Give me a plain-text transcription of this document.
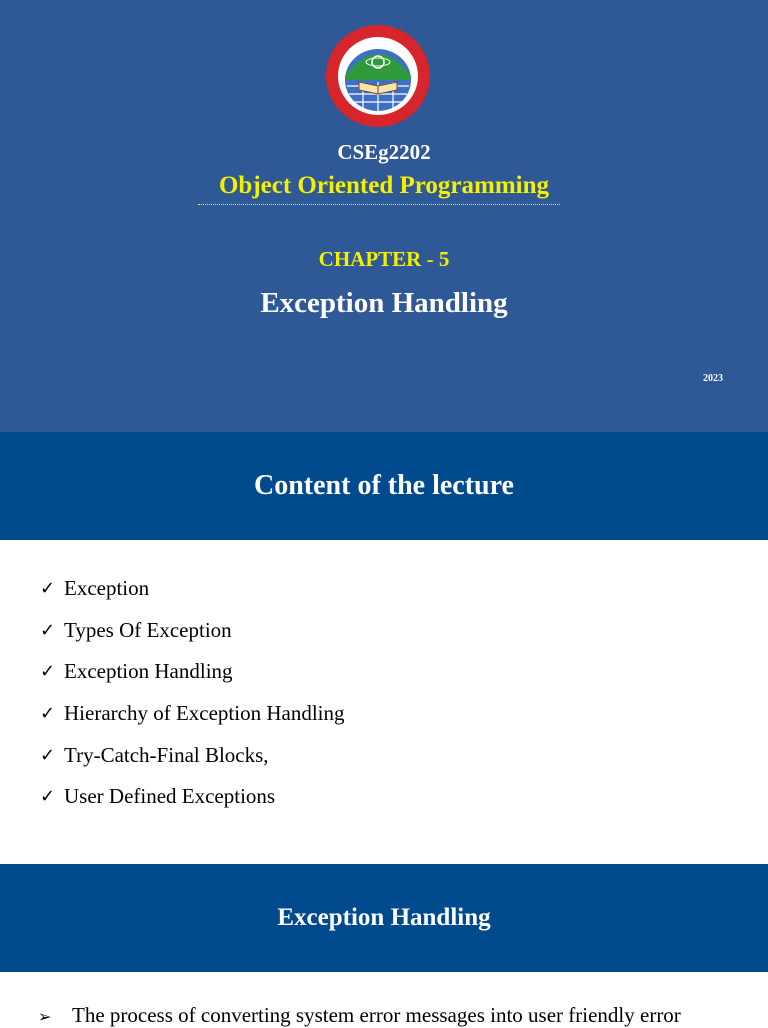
CSEg2202
Object Oriented Programming
CHAPTER - 5
Exception Handling
2023
Content of the lecture
✓ Exception
✓ Types Of Exception
✓ Exception Handling
✓ Hierarchy of Exception Handling
✓ Try-Catch-Final Blocks,
✓ User Defined Exceptions
Exception Handling
➢ The process of converting system error messages into user friendly error
